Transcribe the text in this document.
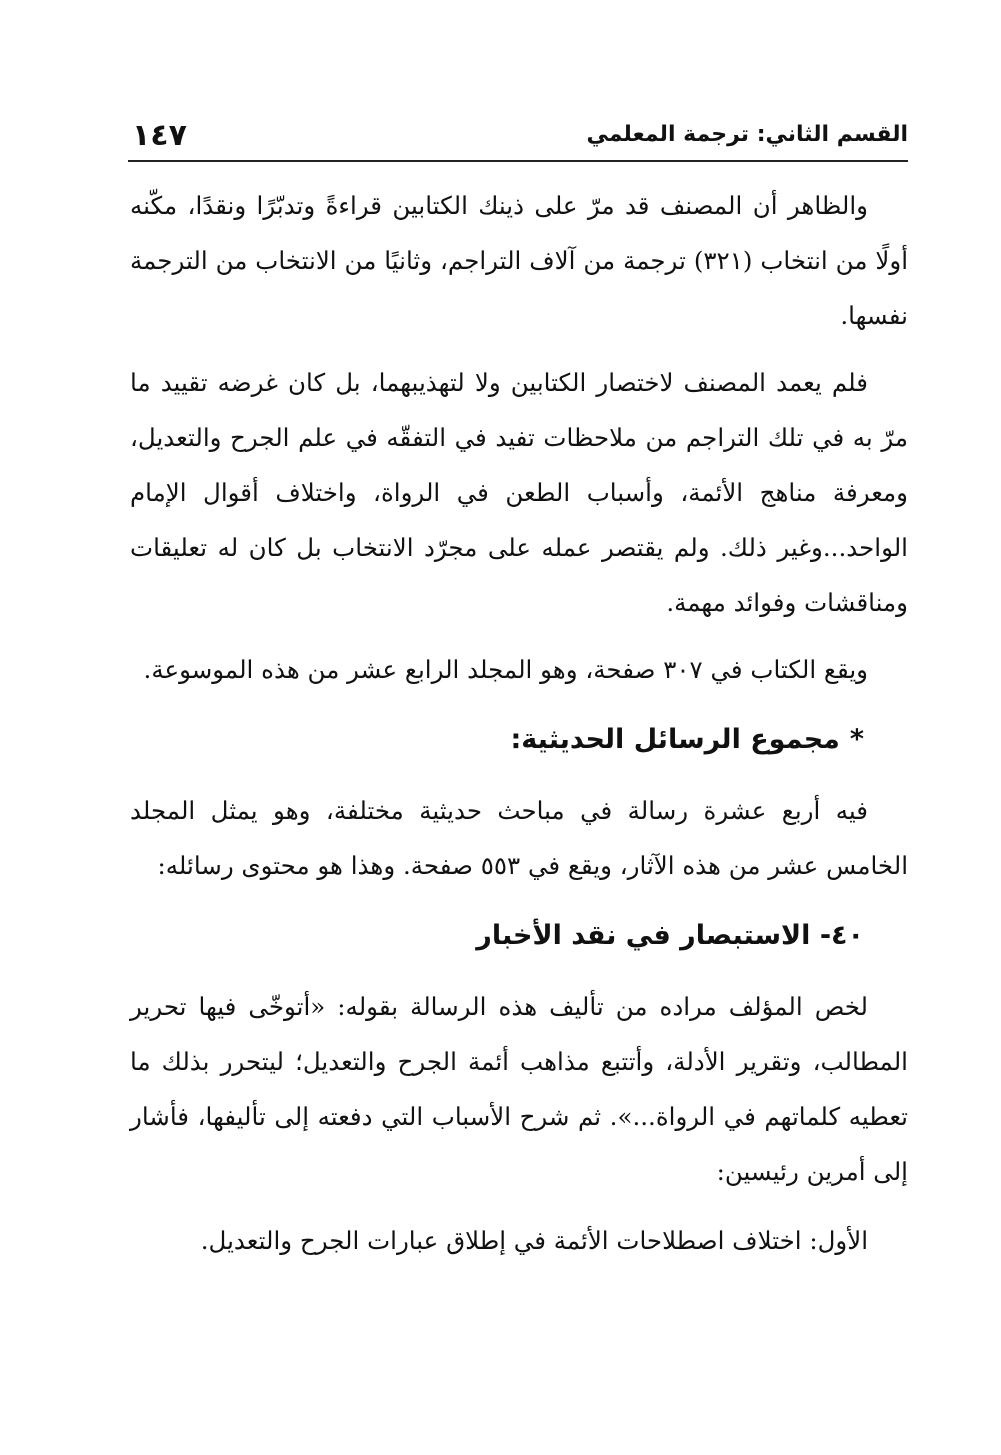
القسم الثاني: ترجمة المعلمي
١٤٧

والظاهر أن المصنف قد مرّ على ذينك الكتابين قراءةً وتدبّرًا ونقدًا، مكّنه أولًا من انتخاب (٣٢١) ترجمة من آلاف التراجم، وثانيًا من الانتخاب من الترجمة نفسها.

فلم يعمد المصنف لاختصار الكتابين ولا لتهذيبهما، بل كان غرضه تقييد ما مرّ به في تلك التراجم من ملاحظات تفيد في التفقّه في علم الجرح والتعديل، ومعرفة مناهج الأئمة، وأسباب الطعن في الرواة، واختلاف أقوال الإمام الواحد...وغير ذلك. ولم يقتصر عمله على مجرّد الانتخاب بل كان له تعليقات ومناقشات وفوائد مهمة.

ويقع الكتاب في ٣٠٧ صفحة، وهو المجلد الرابع عشر من هذه الموسوعة.

*مجموع الرسائل الحديثية:

فيه أربع عشرة رسالة في مباحث حديثية مختلفة، وهو يمثل المجلد الخامس عشر من هذه الآثار، ويقع في ٥٥٣ صفحة. وهذا هو محتوى رسائله:

٤٠- الاستبصار في نقد الأخبار

لخص المؤلف مراده من تأليف هذه الرسالة بقوله: «أتوخّى فيها تحرير المطالب، وتقرير الأدلة، وأتتبع مذاهب أئمة الجرح والتعديل؛ ليتحرر بذلك ما تعطيه كلماتهم في الرواة...». ثم شرح الأسباب التي دفعته إلى تأليفها، فأشار إلى أمرين رئيسين:

الأول: اختلاف اصطلاحات الأئمة في إطلاق عبارات الجرح والتعديل.
